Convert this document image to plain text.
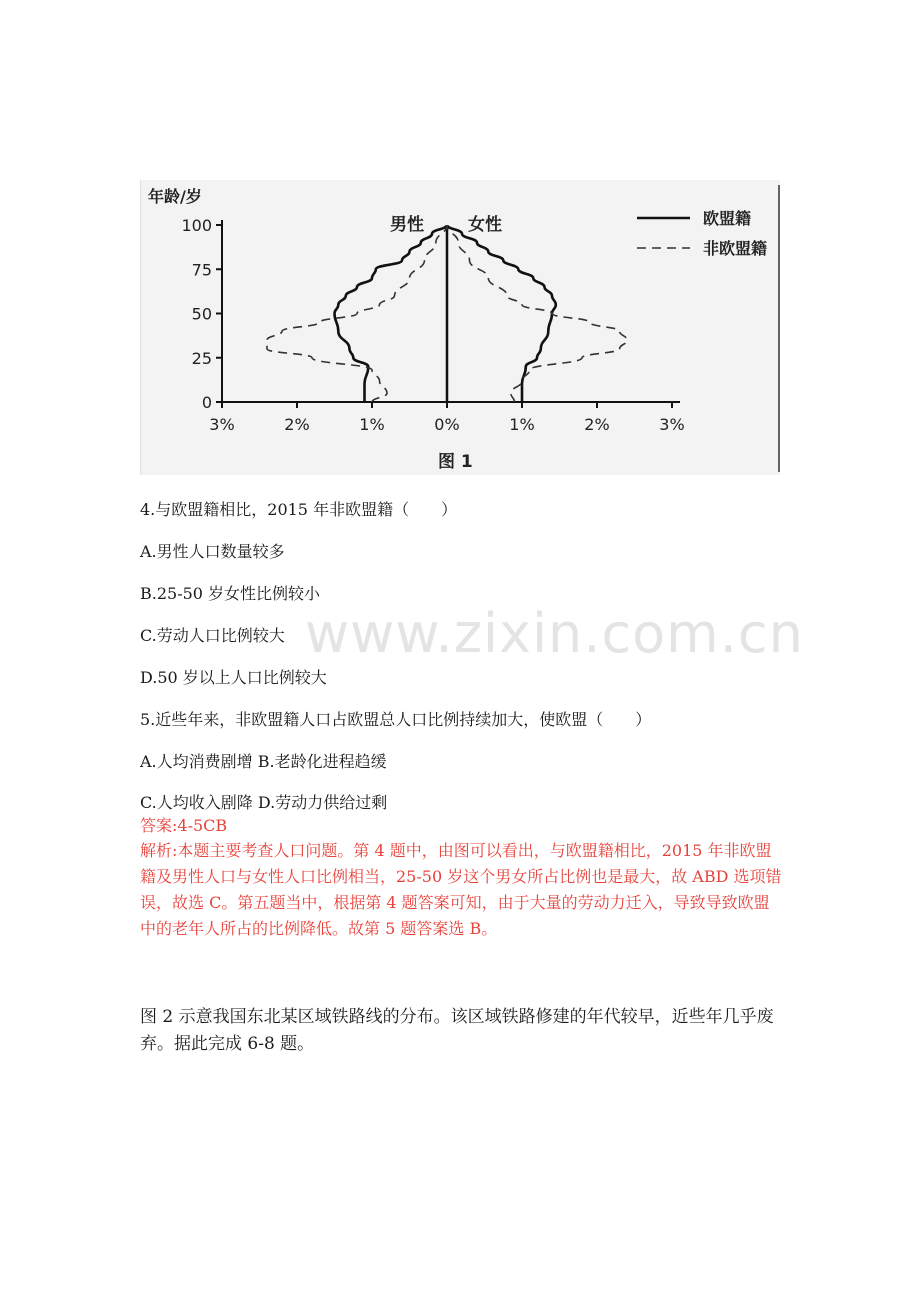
www.zixin.com.cn
年龄/岁
100
75
50
25
0
3%	2%	1%	0%	1%	2%	3%
男性	女性	欧盟籍
非欧盟籍
图 1
4.与欧盟籍相比，2015 年非欧盟籍（　　）
A.男性人口数量较多
B.25-50 岁女性比例较小
C.劳动人口比例较大
D.50 岁以上人口比例较大
5.近些年来，非欧盟籍人口占欧盟总人口比例持续加大，使欧盟（　　）
A.人均消费剧增 B.老龄化进程趋缓
C.人均收入剧降 D.劳动力供给过剩
答案:4-5CB
解析:本题主要考查人口问题。第 4 题中，由图可以看出，与欧盟籍相比，2015 年非欧盟籍及男性人口与女性人口比例相当，25-50 岁这个男女所占比例也是最大，故 ABD 选项错误，故选 C。第五题当中，根据第 4 题答案可知，由于大量的劳动力迁入，导致导致欧盟中的老年人所占的比例降低。故第 5 题答案选 B。
图 2 示意我国东北某区域铁路线的分布。该区域铁路修建的年代较早，近些年几乎废弃。据此完成 6-8 题。
